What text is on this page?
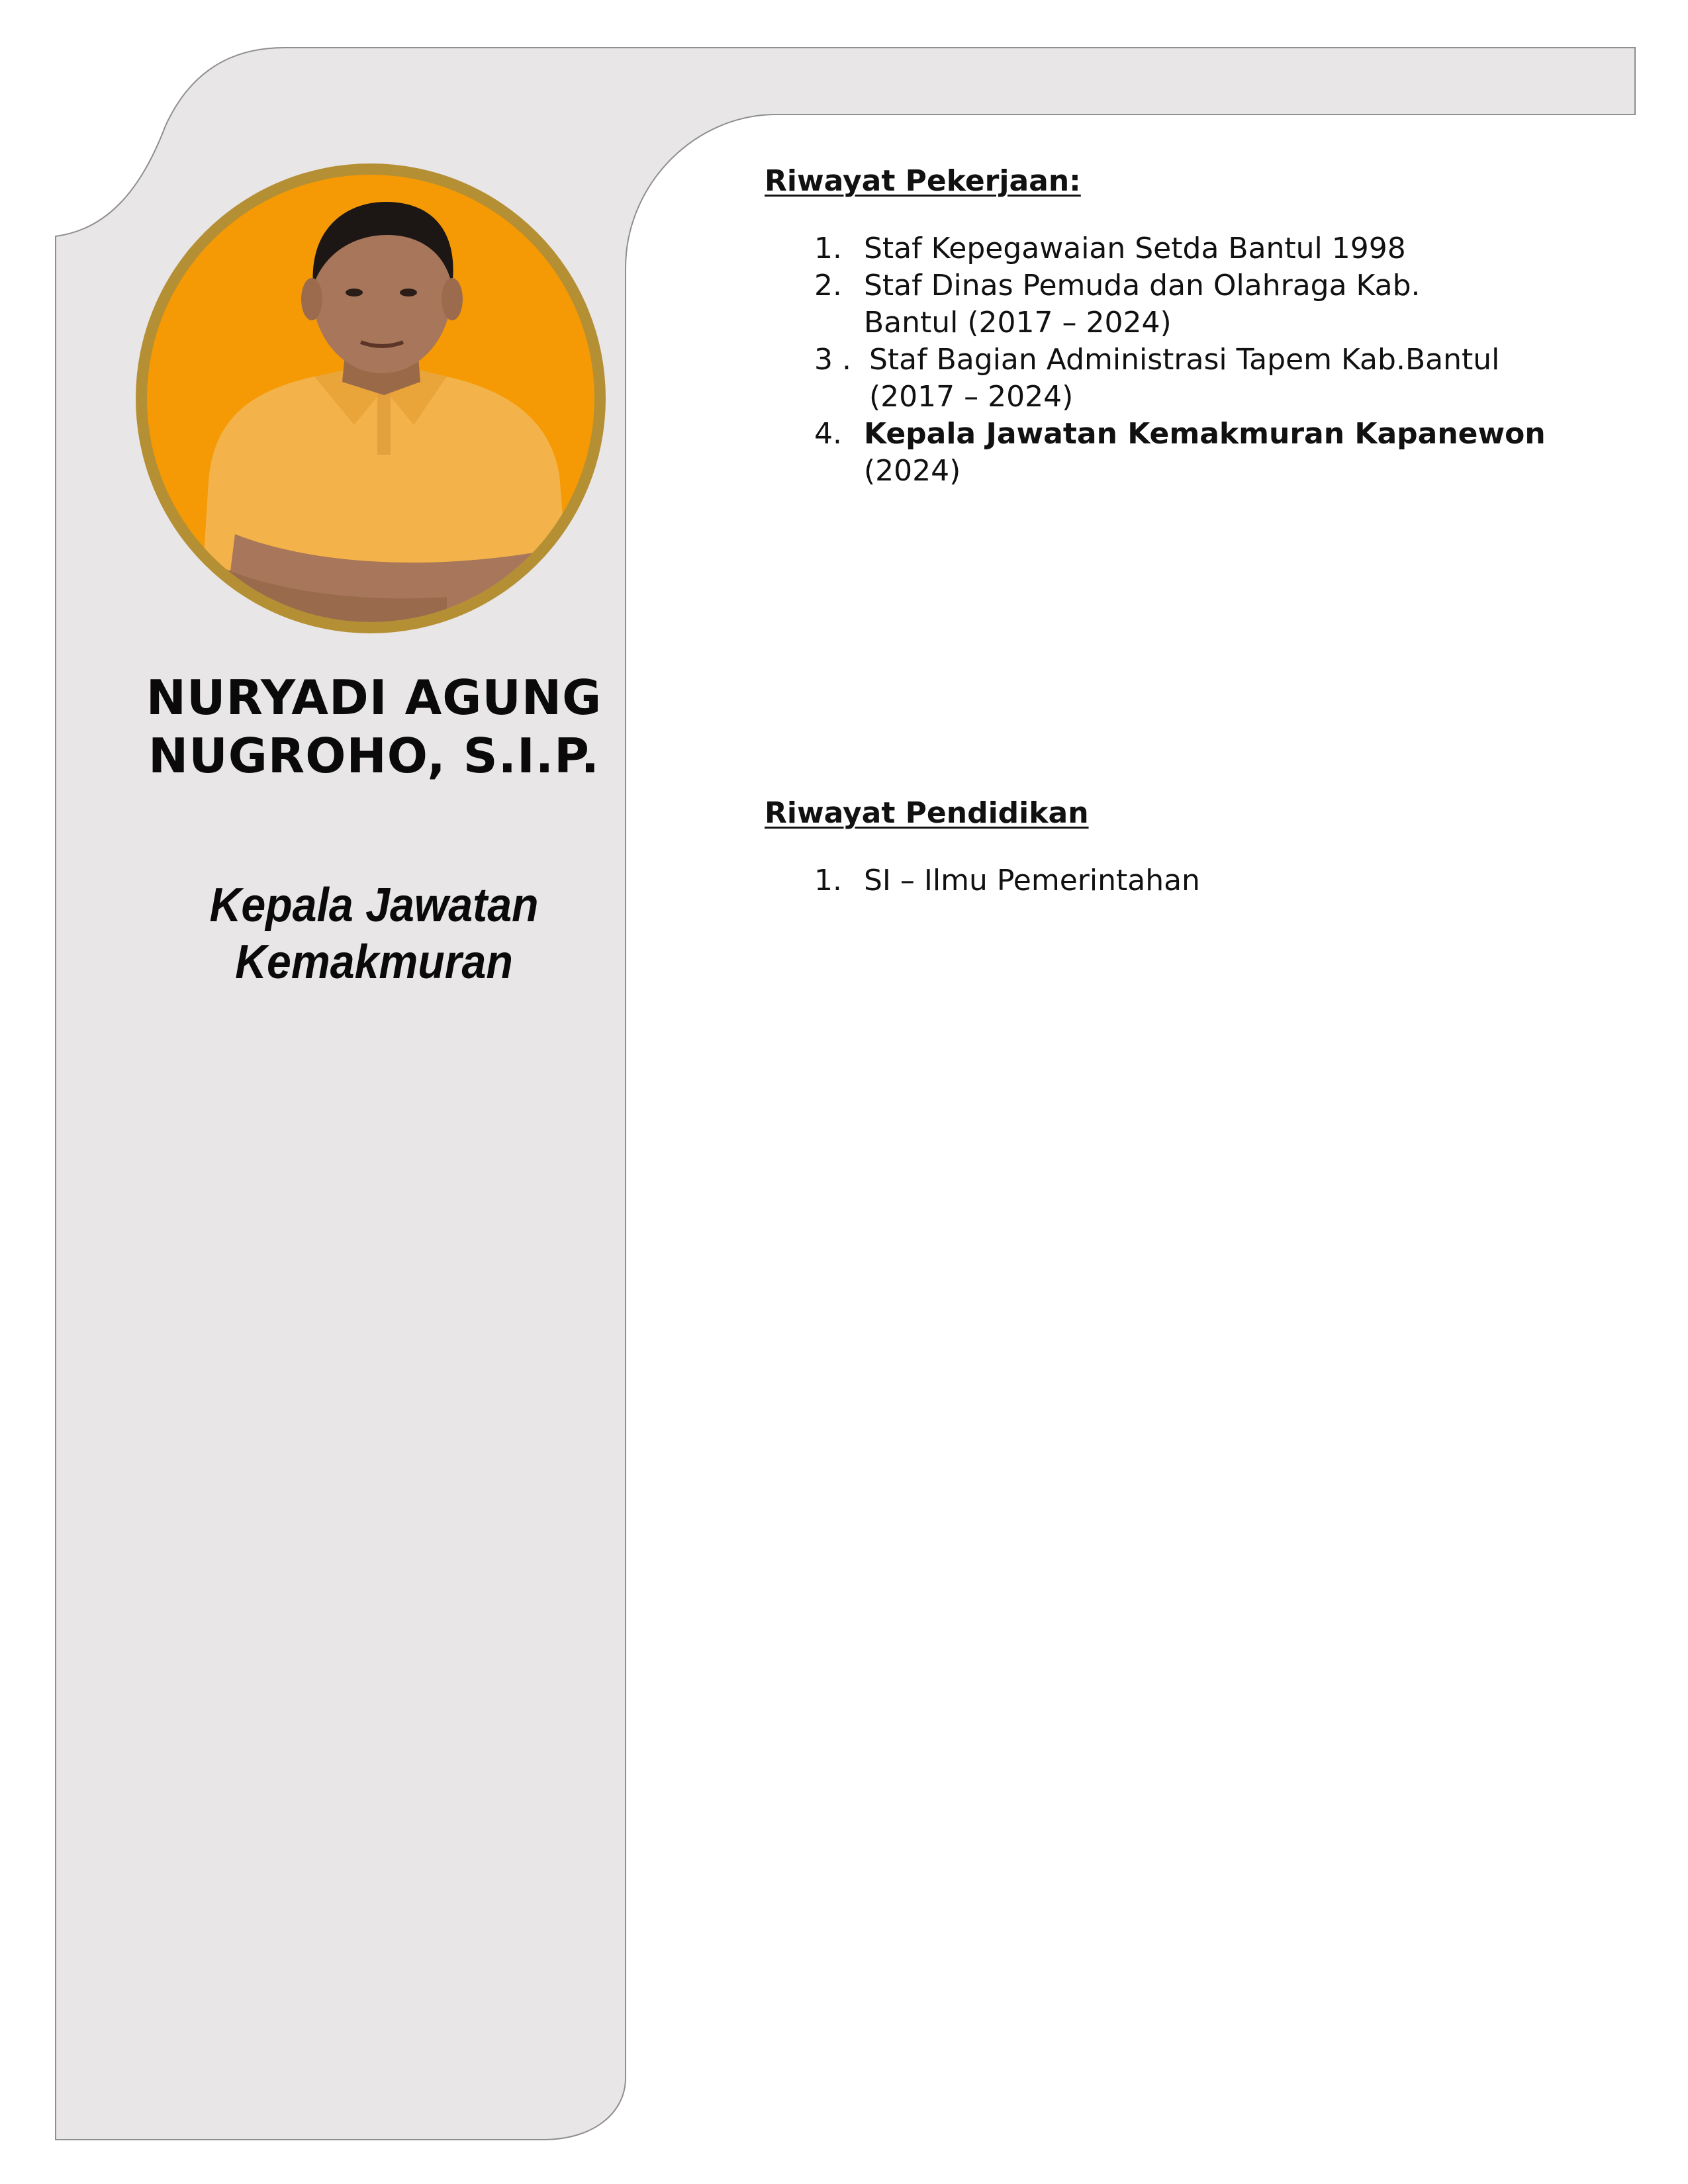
NURYADI AGUNG
NUGROHO, S.I.P.
Kepala Jawatan
Kemakmuran
Riwayat Pekerjaan:
1. Staf Kepegawaian Setda Bantul 1998
2. Staf Dinas Pemuda dan Olahraga Kab.
Bantul (2017 – 2024)
3 . Staf Bagian Administrasi Tapem Kab.Bantul
(2017 – 2024)
4. Kepala Jawatan Kemakmuran Kapanewon
(2024)
Riwayat Pendidikan
1. SI – Ilmu Pemerintahan
